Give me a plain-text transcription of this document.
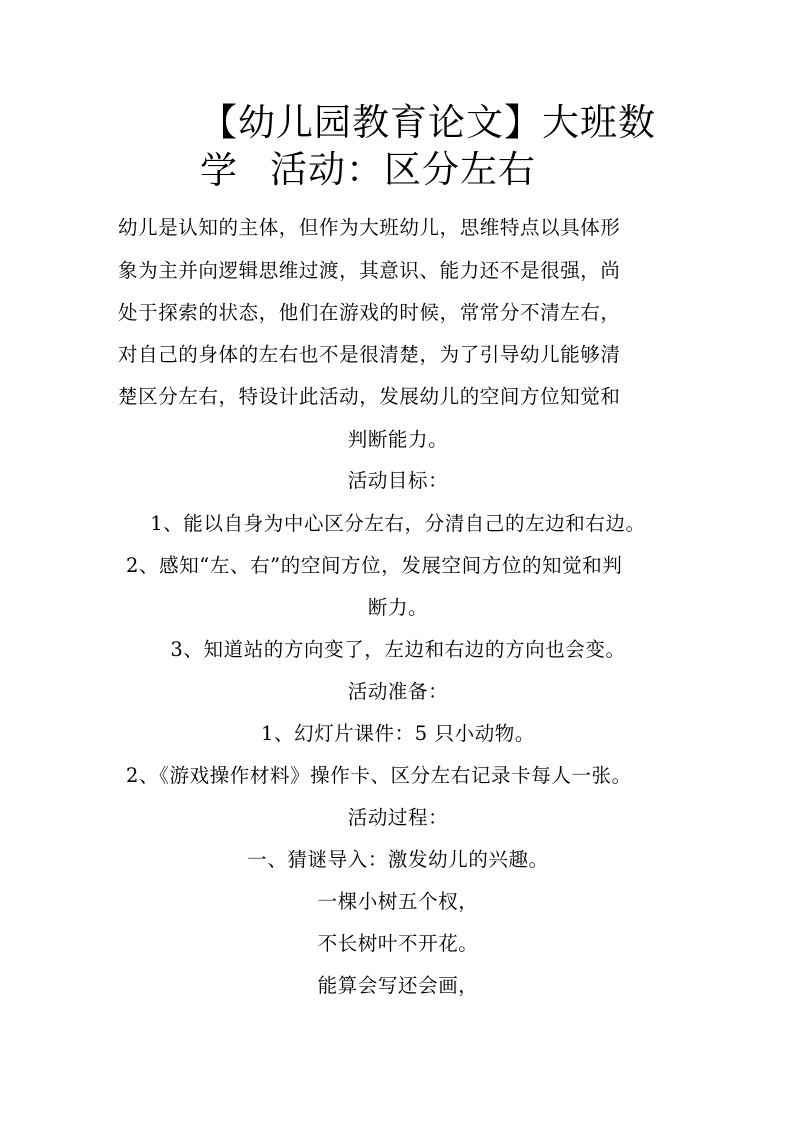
【幼儿园教育论文】大班数学 活动：区分左右
幼儿是认知的主体，但作为大班幼儿，思维特点以具体形
象为主并向逻辑思维过渡，其意识、能力还不是很强，尚
处于探索的状态，他们在游戏的时候，常常分不清左右，
对自己的身体的左右也不是很清楚，为了引导幼儿能够清
楚区分左右，特设计此活动，发展幼儿的空间方位知觉和
判断能力。
活动目标：
1、能以自身为中心区分左右，分清自己的左边和右边。
2、感知“左、右”的空间方位，发展空间方位的知觉和判
断力。
3、知道站的方向变了，左边和右边的方向也会变。
活动准备：
1、幻灯片课件：5 只小动物。
2、《游戏操作材料》操作卡、区分左右记录卡每人一张。
活动过程：
一、猜谜导入：激发幼儿的兴趣。
一棵小树五个杈，
不长树叶不开花。
能算会写还会画，
